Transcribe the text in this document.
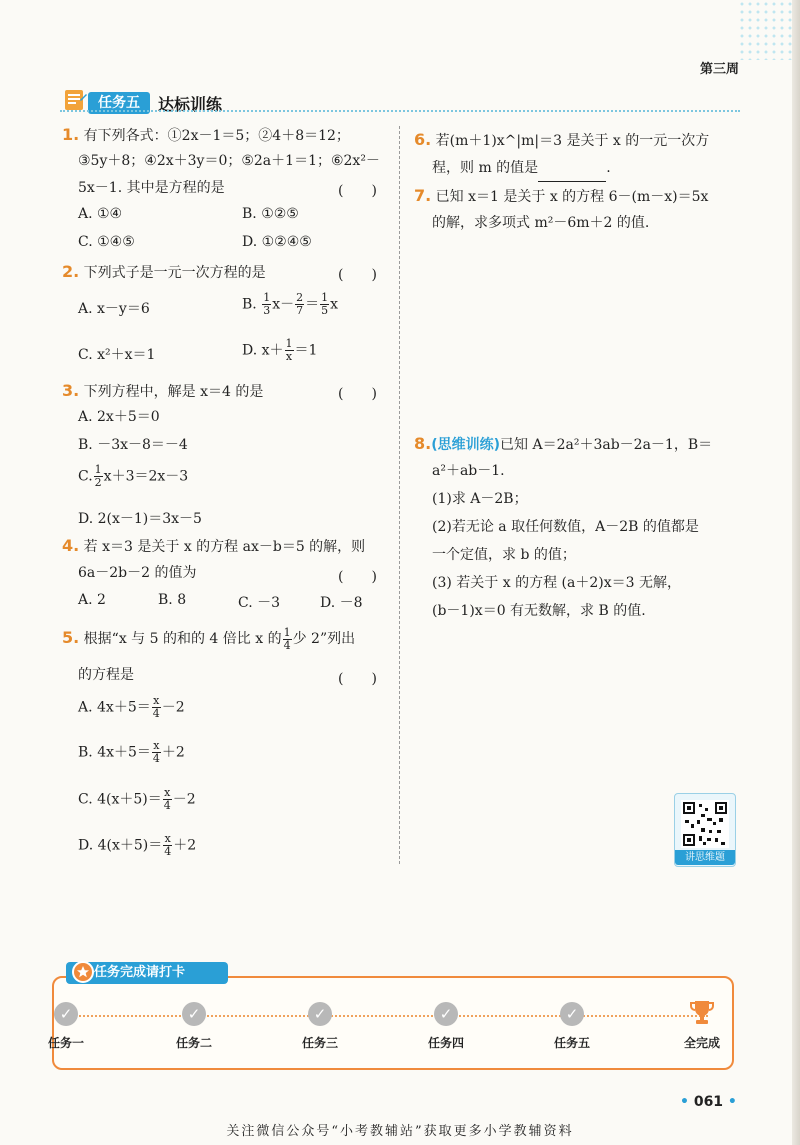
第三周
任务五	达标训练
1. 有下列各式：①2x－1＝5；②4＋8＝12；
③5y＋8；④2x＋3y＝0；⑤2a＋1＝1；⑥2x²－
5x－1. 其中是方程的是	(　　)
A. ①④	B. ①②⑤
C. ①④⑤	D. ①②④⑤
2. 下列式子是一元一次方程的是	(　　)
A. x－y＝6	B. $\frac{1}{3} x- \frac{2}{7} = \frac{1}{5}$ x
C. x²＋x＝1	D. $x+ \frac{1}{x} =1$
3. 下列方程中，解是 x＝4 的是	(　　)
A. 2x＋5＝0
B. －3x－8＝－4
C. $\frac{1}{2} x+3=2x-3$
D. 2(x－1)＝3x－5
4. 若 x＝3 是关于 x 的方程 ax－b＝5 的解，则
6a－2b－2 的值为	(　　)
A. 2	B. 8	C. －3	D. －8
5. 根据“x 与 5 的和的 4 倍比 x 的 $\frac{1}{4}$ 少 2”列出
的方程是	(　　)
A. $4x+5= \frac{x}{4} -2$
B. $4x+5= \frac{x}{4} +2$
C. $4(x+5)= \frac{x}{4} -2$
D. $4(x+5)= \frac{x}{4} +2$
6. 若(m＋1)x^|m|＝3 是关于 x 的一元一次方
程，则 m 的值是	.
7. 已知 x＝1 是关于 x 的方程 6－(m－x)＝5x
的解，求多项式 m²－6m＋2 的值.
8.(思维训练)已知 A＝2a²＋3ab－2a－1，B＝
a²＋ab－1.
(1)求 A－2B；
(2)若无论 a 取任何数值，A－2B 的值都是
一个定值，求 b 的值；
(3) 若关于 x 的方程 (a＋2)x＝3 无解，
(b－1)x＝0 有无数解，求 B 的值.
讲思维题
任务完成请打卡
✓
任务一
✓
任务二
✓
任务三
✓
任务四
✓
任务五	全完成
• 061 •
关注微信公众号“小考教辅站”获取更多小学教辅资料
